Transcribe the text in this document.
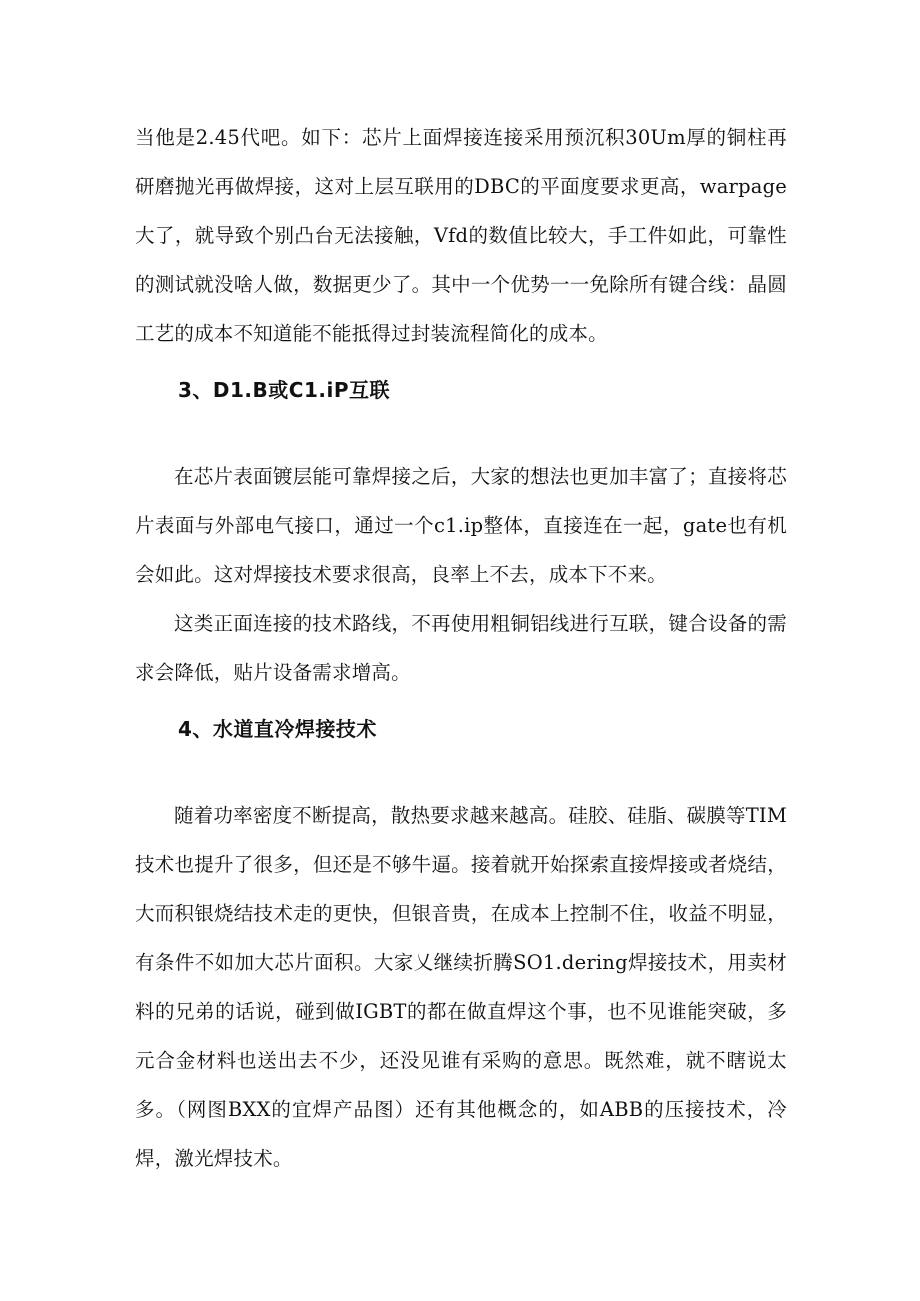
当他是2.45代吧。如下：芯片上面焊接连接采用预沉积30Um厚的铜柱再研磨抛光再做焊接，这对上层互联用的DBC的平面度要求更高，warpage大了，就导致个别凸台无法接触，Vfd的数值比较大，手工件如此，可靠性的测试就没啥人做，数据更少了。其中一个优势一一免除所有键合线：晶圆工艺的成本不知道能不能抵得过封装流程简化的成本。

3、D1.B或C1.iP互联

在芯片表面镀层能可靠焊接之后，大家的想法也更加丰富了；直接将芯片表面与外部电气接口，通过一个c1.ip整体，直接连在一起，gate也有机会如此。这对焊接技术要求很高，良率上不去，成本下不来。

这类正面连接的技术路线，不再使用粗铜铝线进行互联，键合设备的需求会降低，贴片设备需求增高。

4、水道直冷焊接技术

随着功率密度不断提高，散热要求越来越高。硅胶、硅脂、碳膜等TIM技术也提升了很多，但还是不够牛逼。接着就开始探索直接焊接或者烧结，大而积银烧结技术走的更快，但银音贵，在成本上控制不住，收益不明显，有条件不如加大芯片面积。大家乂继续折腾SO1.dering焊接技术，用卖材料的兄弟的话说，碰到做IGBT的都在做直焊这个事，也不见谁能突破，多元合金材料也送出去不少，还没见谁有采购的意思。既然难，就不瞎说太多。（网图BXX的宜焊产品图）还有其他概念的，如ABB的压接技术，冷焊，激光焊技术。
